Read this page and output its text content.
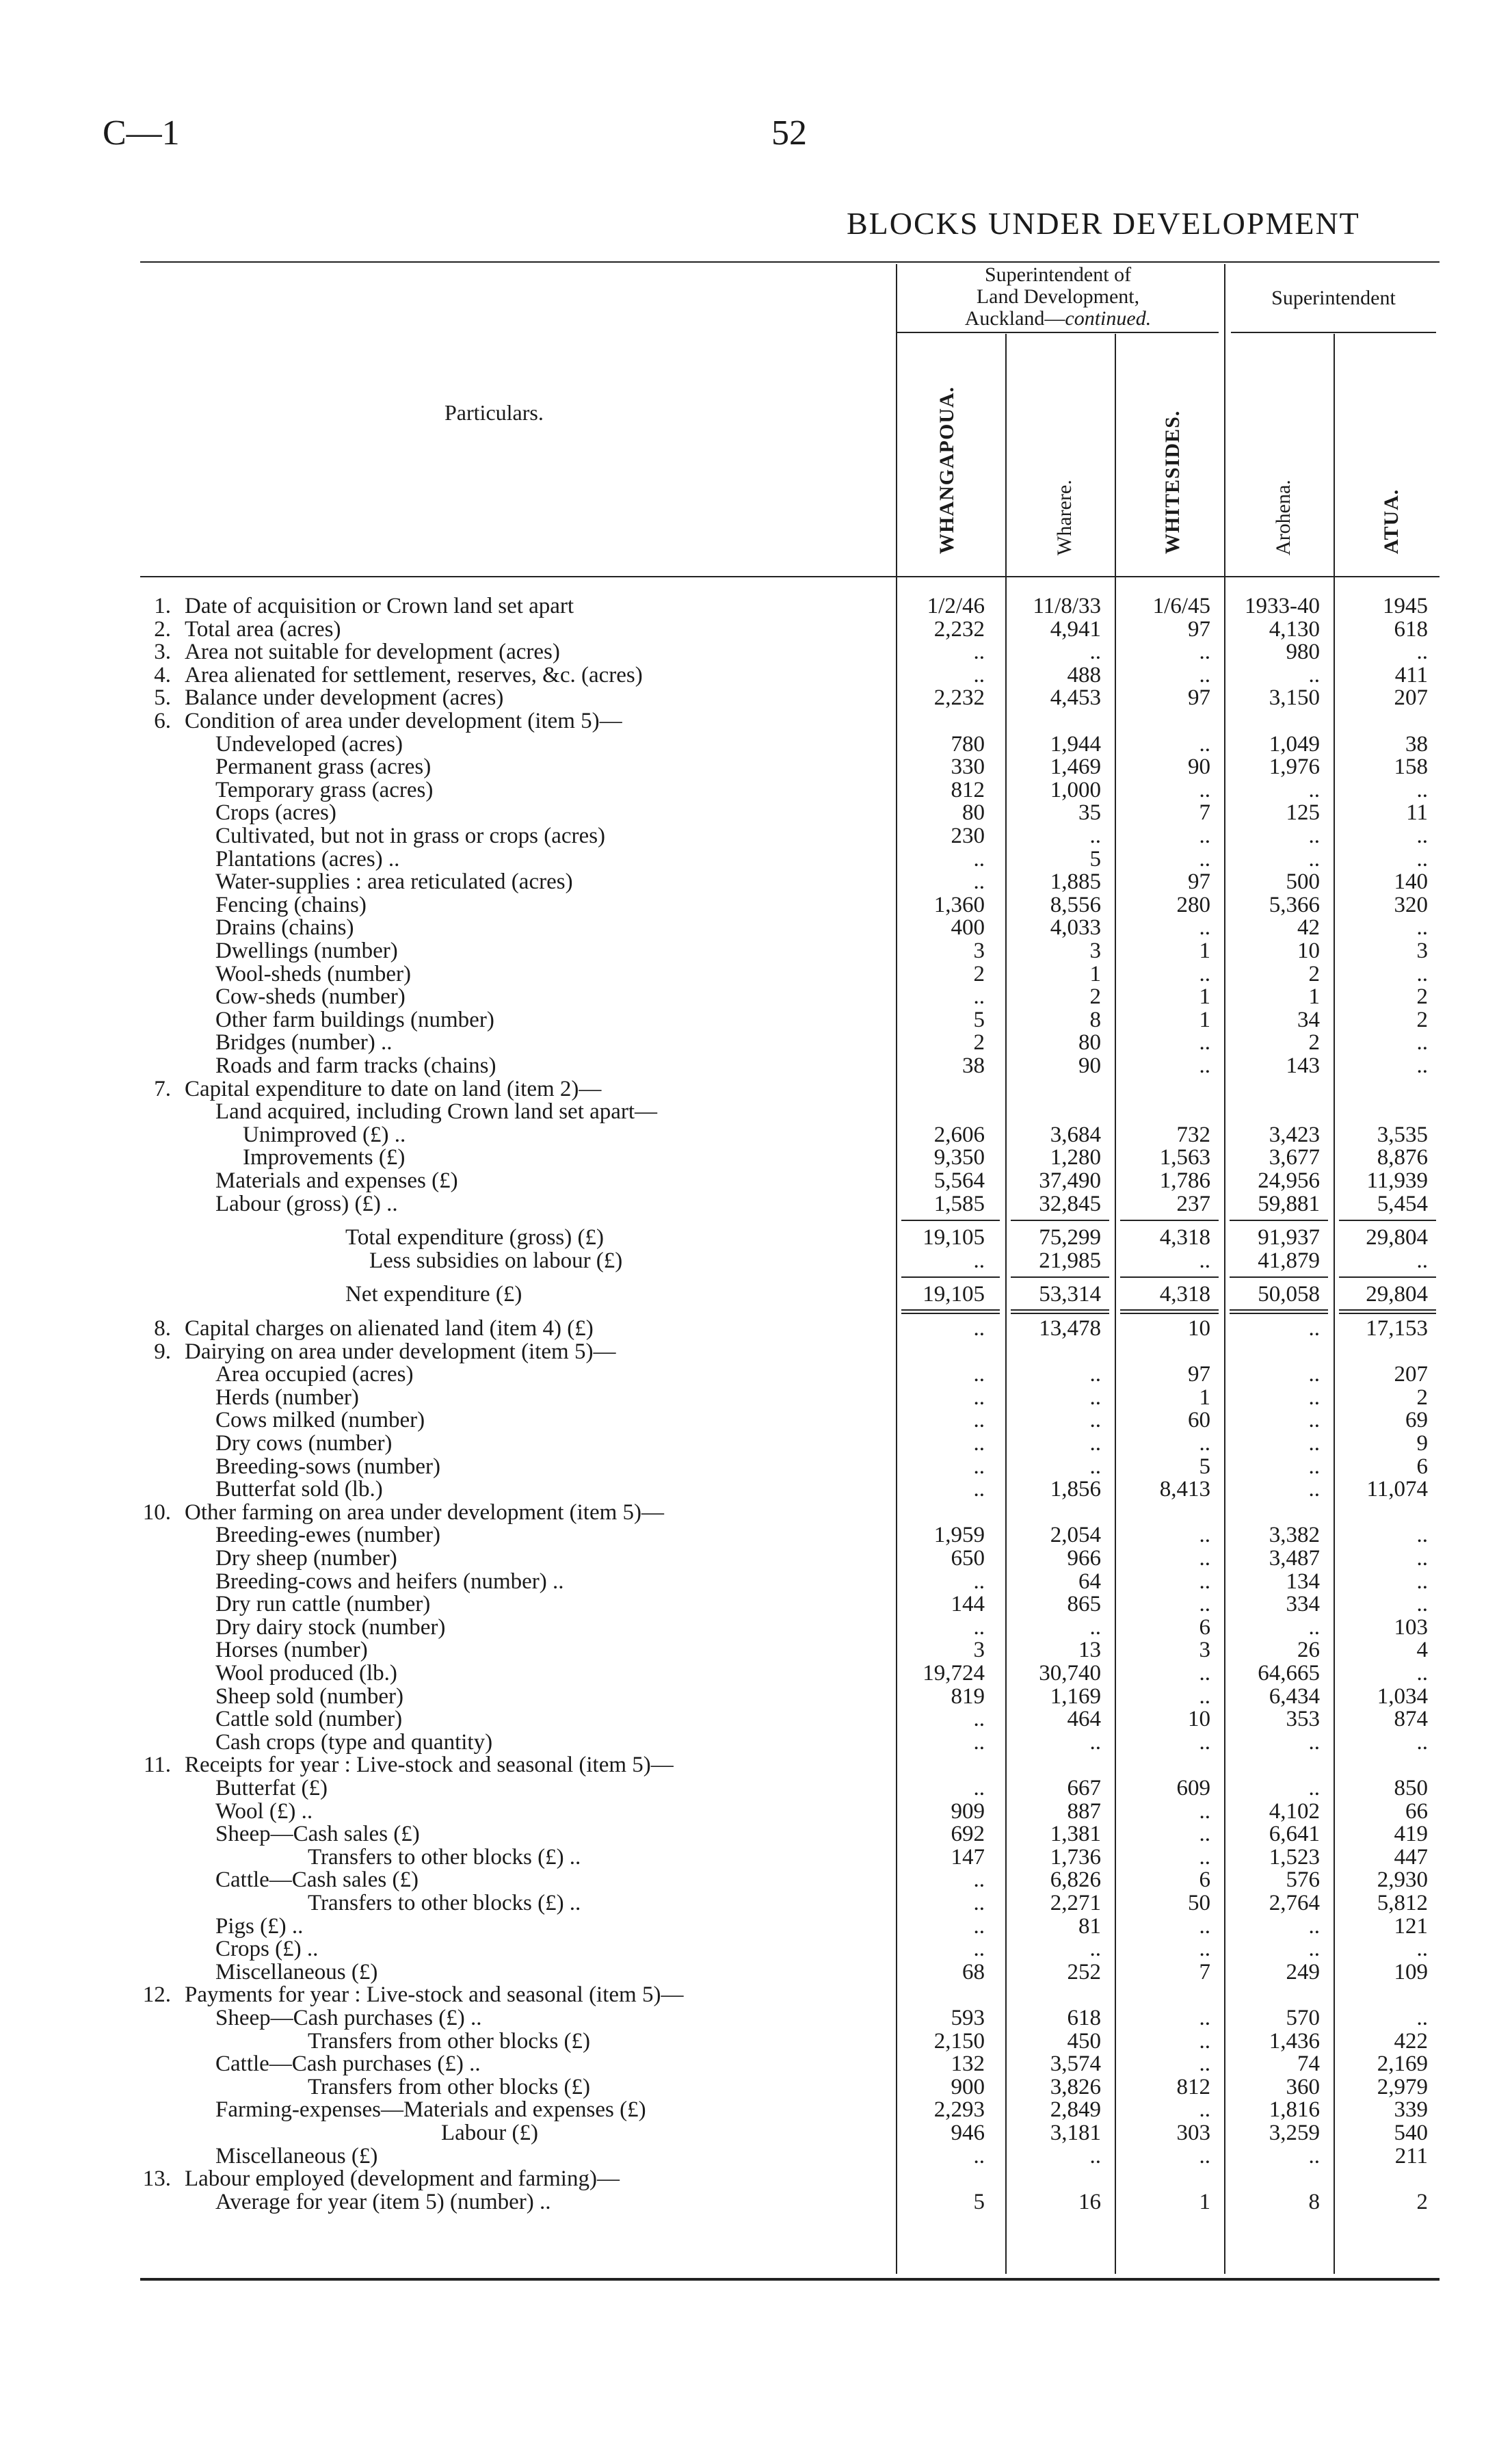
C—1	52
BLOCKS UNDER DEVELOPMENT
Superintendent of
Land Development,
Auckland—continued.
Superintendent
Particulars.	WHANGAPOUA.	Wharere.	WHITESIDES.	Arohena.	ATUA.
1. Date of acquisition or Crown land set apart	1/2/46	11/8/33	1/6/45	1933-40	1945
2. Total area (acres)	2,232	4,941	97	4,130	618
3. Area not suitable for development (acres)	..	..	..	980	..
4. Area alienated for settlement, reserves, &c. (acres)	..	488	..	..	411
5. Balance under development (acres)	2,232	4,453	97	3,150	207
6. Condition of area under development (item 5)—
Undeveloped (acres)	780	1,944	..	1,049	38
Permanent grass (acres)	330	1,469	90	1,976	158
Temporary grass (acres)	812	1,000	..	..	..
Crops (acres)	80	35	7	125	11
Cultivated, but not in grass or crops (acres)	230	..	..	..	..
Plantations (acres) ..	..	5	..	..	..
Water-supplies : area reticulated (acres)	..	1,885	97	500	140
Fencing (chains)	1,360	8,556	280	5,366	320
Drains (chains)	400	4,033	..	42	..
Dwellings (number)	3	3	1	10	3
Wool-sheds (number)	2	1	..	2	..
Cow-sheds (number)	..	2	1	1	2
Other farm buildings (number)	5	8	1	34	2
Bridges (number) ..	2	80	..	2	..
Roads and farm tracks (chains)	38	90	..	143	..
7. Capital expenditure to date on land (item 2)—
Land acquired, including Crown land set apart—
Unimproved (£) ..	2,606	3,684	732	3,423	3,535
Improvements (£)	9,350	1,280	1,563	3,677	8,876
Materials and expenses (£)	5,564	37,490	1,786	24,956	11,939
Labour (gross) (£) ..	1,585	32,845	237	59,881	5,454
Total expenditure (gross) (£)	19,105	75,299	4,318	91,937	29,804
Less subsidies on labour (£)	..	21,985	..	41,879	..
Net expenditure (£)	19,105	53,314	4,318	50,058	29,804
8. Capital charges on alienated land (item 4) (£)	..	13,478	10	..	17,153
9. Dairying on area under development (item 5)—
Area occupied (acres)	..	..	97	..	207
Herds (number)	..	..	1	..	2
Cows milked (number)	..	..	60	..	69
Dry cows (number)	..	..	..	..	9
Breeding-sows (number)	..	..	5	..	6
Butterfat sold (lb.)	..	1,856	8,413	..	11,074
10. Other farming on area under development (item 5)—
Breeding-ewes (number)	1,959	2,054	..	3,382	..
Dry sheep (number)	650	966	..	3,487	..
Breeding-cows and heifers (number) ..	..	64	..	134	..
Dry run cattle (number)	144	865	..	334	..
Dry dairy stock (number)	..	..	6	..	103
Horses (number)	3	13	3	26	4
Wool produced (lb.)	19,724	30,740	..	64,665	..
Sheep sold (number)	819	1,169	..	6,434	1,034
Cattle sold (number)	..	464	10	353	874
Cash crops (type and quantity)	..	..	..	..	..
11. Receipts for year : Live-stock and seasonal (item 5)—
Butterfat (£)	..	667	609	..	850
Wool (£) ..	909	887	..	4,102	66
Sheep—Cash sales (£)	692	1,381	..	6,641	419
Transfers to other blocks (£) ..	147	1,736	..	1,523	447
Cattle—Cash sales (£)	..	6,826	6	576	2,930
Transfers to other blocks (£) ..	..	2,271	50	2,764	5,812
Pigs (£) ..	..	81	..	..	121
Crops (£) ..	..	..	..	..	..
Miscellaneous (£)	68	252	7	249	109
12. Payments for year : Live-stock and seasonal (item 5)—
Sheep—Cash purchases (£) ..	593	618	..	570	..
Transfers from other blocks (£)	2,150	450	..	1,436	422
Cattle—Cash purchases (£) ..	132	3,574	..	74	2,169
Transfers from other blocks (£)	900	3,826	812	360	2,979
Farming-expenses—Materials and expenses (£)	2,293	2,849	..	1,816	339
Labour (£)	946	3,181	303	3,259	540
Miscellaneous (£)	..	..	..	..	211
13. Labour employed (development and farming)—
Average for year (item 5) (number) ..	5	16	1	8	2
